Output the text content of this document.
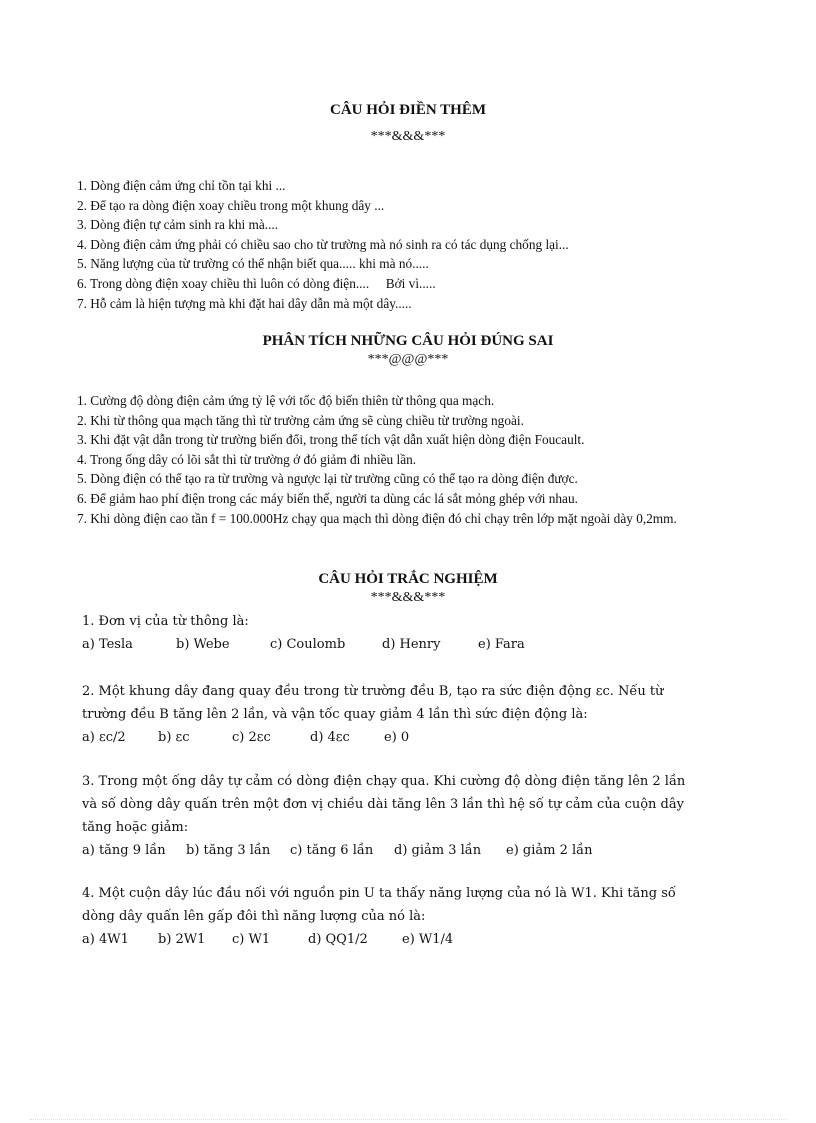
CÂU HỎI ĐIỀN THÊM
***&&&***
1. Dòng điện cảm ứng chỉ tồn tại khi ...
2. Để tạo ra dòng điện xoay chiều trong một khung dây ...
3. Dòng điện tự cảm sinh ra khi mà....
4. Dòng điện cảm ứng phải có chiều sao cho từ trường mà nó sinh ra có tác dụng chống lại...
5. Năng lượng của từ trường có thể nhận biết qua..... khi mà nó.....
6. Trong dòng điện xoay chiều thì luôn có dòng điện....     Bởi vì.....
7. Hỗ cảm là hiện tượng mà khi đặt hai dây dẫn mà một dây.....
PHÂN TÍCH NHỮNG CÂU HỎI ĐÚNG SAI
***@@@***
1. Cường độ dòng điện cảm ứng tỷ lệ với tốc độ biến thiên từ thông qua mạch.
2. Khi từ thông qua mạch tăng thì từ trường cảm ứng sẽ cùng chiều từ trường ngoài.
3. Khi đặt vật dẫn trong từ trường biến đổi, trong thể tích vật dẫn xuất hiện dòng điện Foucault.
4. Trong ống dây có lõi sắt thì từ trường ở đó giảm đi nhiều lần.
5. Dòng điện có thể tạo ra từ trường và ngược lại từ trường cũng có thể tạo ra dòng điện được.
6. Để giảm hao phí điện trong các máy biến thế, người ta dùng các lá sắt mỏng ghép với nhau.
7. Khi dòng điện cao tần f = 100.000Hz chạy qua mạch thì dòng điện đó chỉ chạy trên lớp mặt ngoài dày 0,2mm.
CÂU HỎI TRẮC NGHIỆM
***&&&***

1. Đơn vị của từ thông là:

a) Tesla	b) Webe	c) Coulomb	d) Henry	e) Fara

2. Một khung dây đang quay đều trong từ trường đều B, tạo ra sức điện động εc. Nếu từ trường đều B tăng lên 2 lần, và vận tốc quay giảm 4 lần thì sức điện động là:

a) εc/2 b) εc	c) 2εc	d) 4εc	e) 0

3. Trong một ống dây tự cảm có dòng điện chạy qua. Khi cường độ dòng điện tăng lên 2 lần và số dòng dây quấn trên một đơn vị chiều dài tăng lên 3 lần thì hệ số tự cảm của cuộn dây tăng hoặc giảm:

a) tăng 9 lần b) tăng 3 lần c) tăng 6 lần d) giảm 3 lần e) giảm 2 lần

4. Một cuộn dây lúc đầu nối với nguồn pin U ta thấy năng lượng của nó là W1. Khi tăng số dòng dây quấn lên gấp đôi thì năng lượng của nó là:

a) 4W1 b) 2W1 c) W1	d) QQ1/2	e) W1/4
